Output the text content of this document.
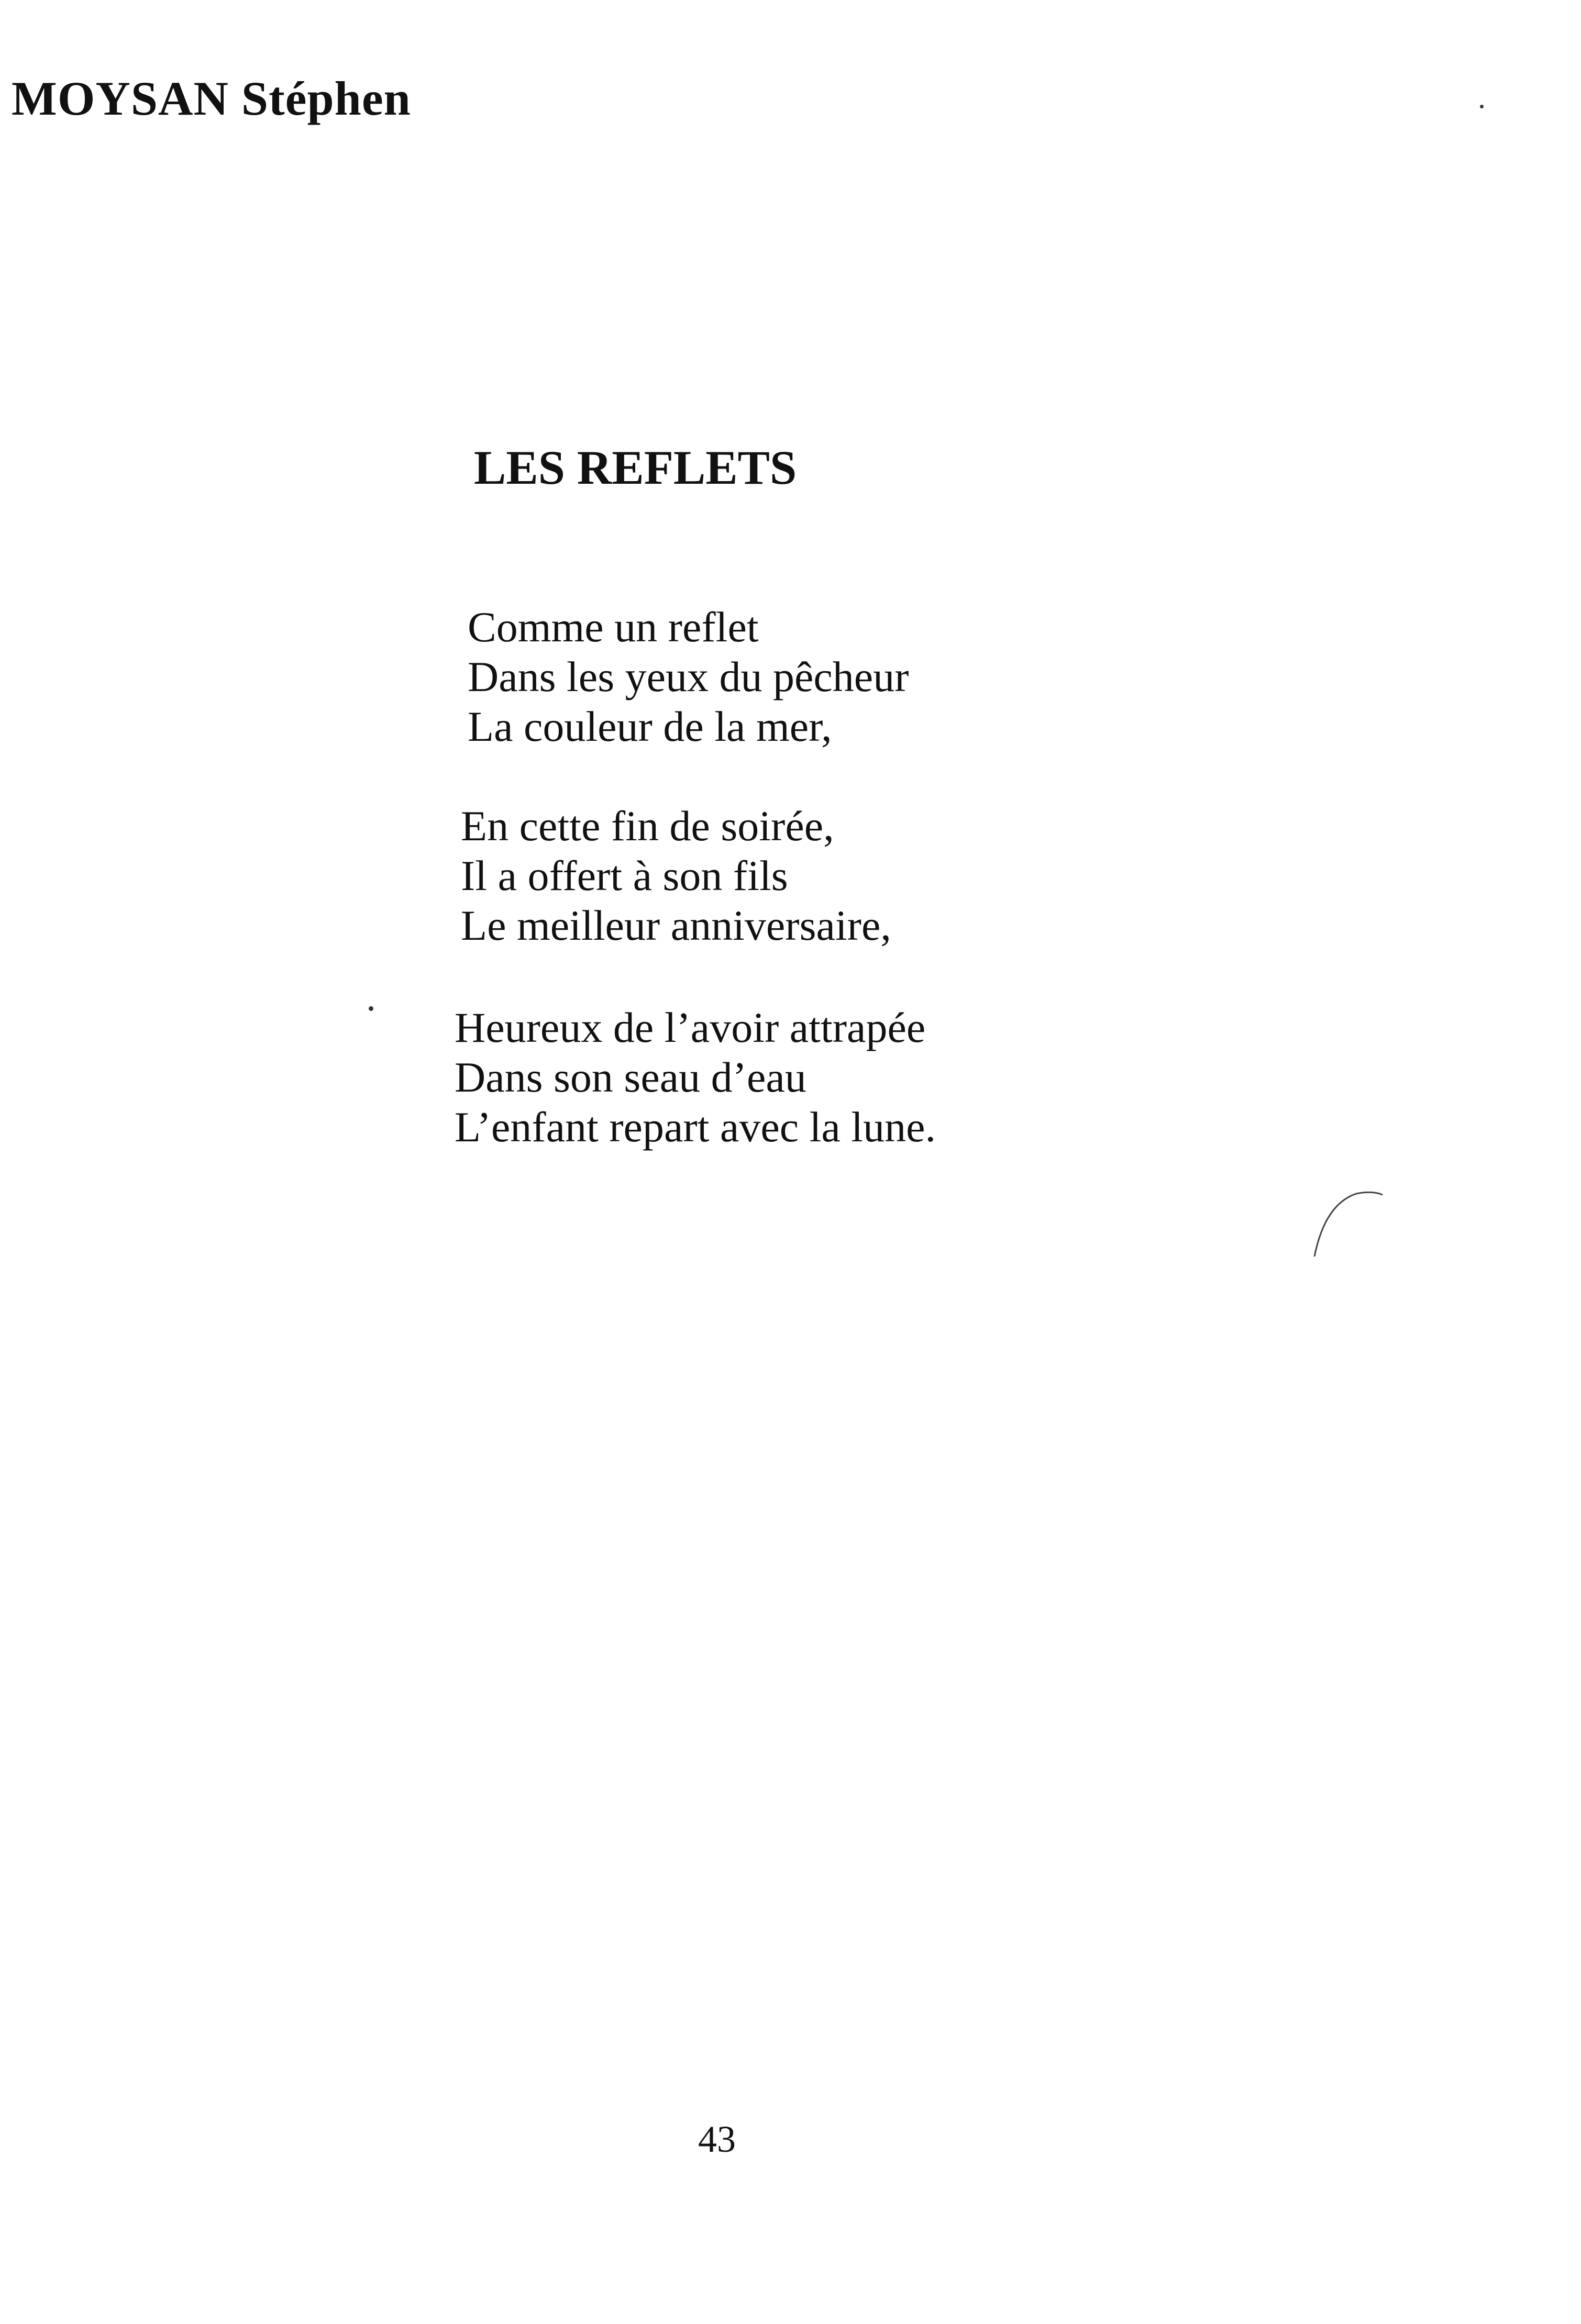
MOYSAN Stéphen
LES REFLETS
Comme un reflet
Dans les yeux du pêcheur
La couleur de la mer,
En cette fin de soirée,
Il a offert à son fils
Le meilleur anniversaire,
Heureux de l’avoir attrapée
Dans son seau d’eau
L’enfant repart avec la lune.
43
